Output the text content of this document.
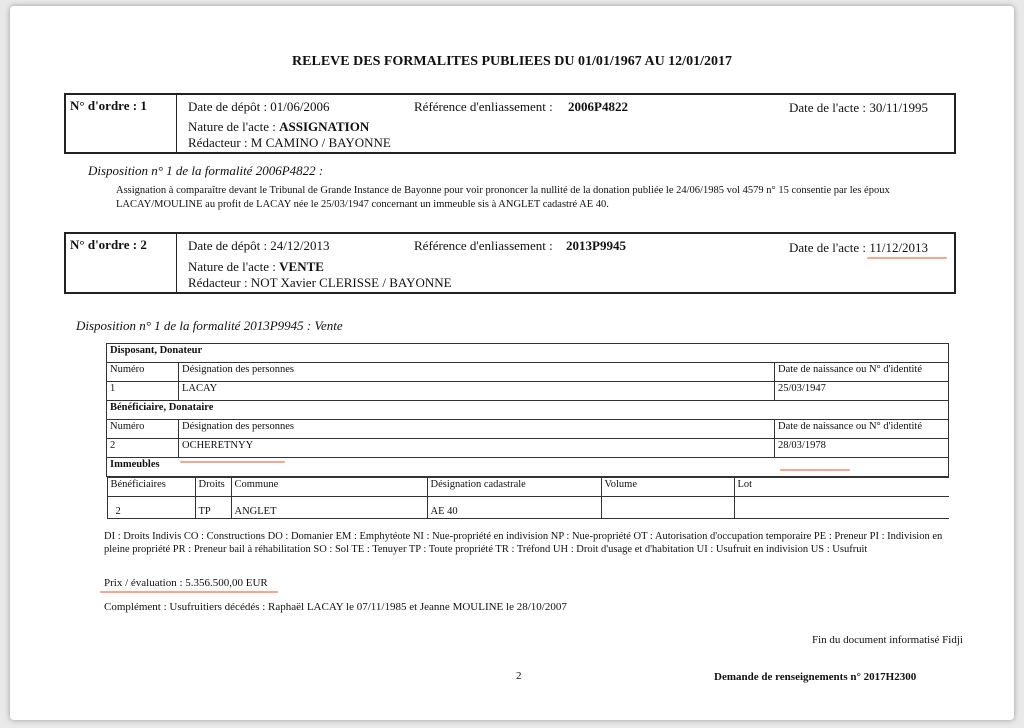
RELEVE DES FORMALITES PUBLIEES DU 01/01/1967 AU 12/01/2017
N° d'ordre : 1	Date de dépôt : 01/06/2006	Référence d'enliassement : 2006P4822	Date de l'acte : 30/11/1995
Nature de l'acte : ASSIGNATION
Rédacteur : M CAMINO / BAYONNE
Disposition n° 1 de la formalité 2006P4822 :
Assignation à comparaître devant le Tribunal de Grande Instance de Bayonne pour voir prononcer la nullité de la donation publiée le 24/06/1985 vol 4579 n° 15 consentie par les époux LACAY/MOULINE au profit de LACAY née le 25/03/1947 concernant un immeuble sis à ANGLET cadastré AE 40.
N° d'ordre : 2	Date de dépôt : 24/12/2013	Référence d'enliassement : 2013P9945	Date de l'acte : 11/12/2013
Nature de l'acte : VENTE
Rédacteur : NOT Xavier CLERISSE / BAYONNE
Disposition n° 1 de la formalité 2013P9945 : Vente
Disposant, Donateur
Numéro	Désignation des personnes	Date de naissance ou N° d'identité
1	LACAY	25/03/1947
Bénéficiaire, Donataire
Numéro	Désignation des personnes	Date de naissance ou N° d'identité
2	OCHERETNYY	28/03/1978
Immeubles

Bénéficiaires	Droits	Commune	Désignation cadastrale	Volume	Lot
2	TP	ANGLET	AE 40		
DI : Droits Indivis CO : Constructions DO : Domanier EM : Emphytéote NI : Nue-propriété en indivision NP : Nue-propriété OT : Autorisation d'occupation temporaire PE : Preneur PI : Indivision en pleine propriété PR : Preneur bail à réhabilitation SO : Sol TE : Tenuyer TP : Toute propriété TR : Tréfond UH : Droit d'usage et d'habitation UI : Usufruit en indivision US : Usufruit
Prix / évaluation : 5.356.500,00 EUR
Complément : Usufruitiers décédés : Raphaël LACAY le 07/11/1985 et Jeanne MOULINE le 28/10/2007
Fin du document informatisé Fidji
2	Demande de renseignements n° 2017H2300
